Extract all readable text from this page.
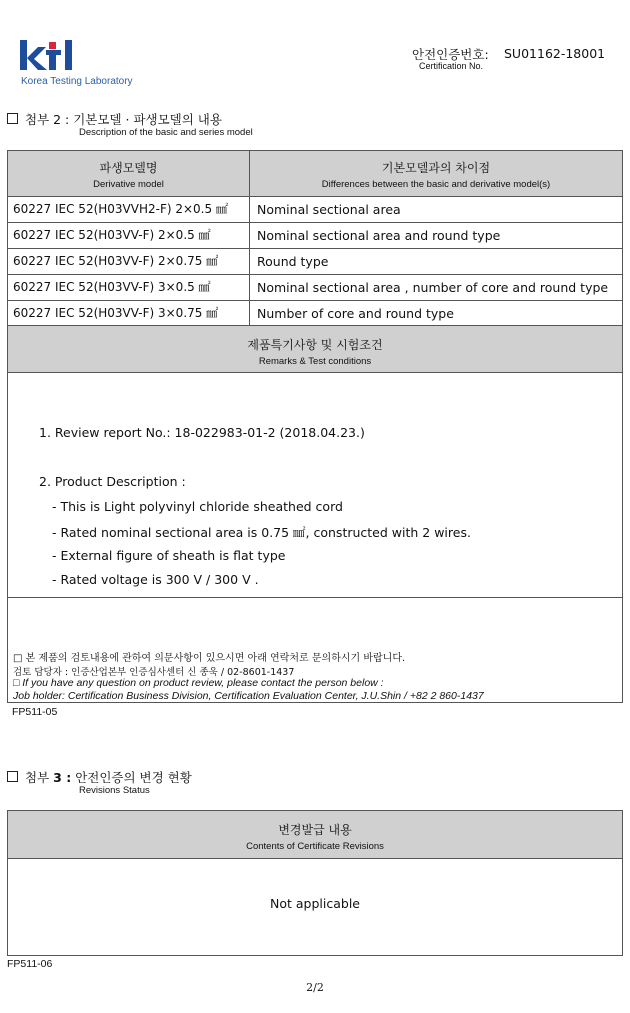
Korea Testing Laboratory
안전인증번호: SU01162-18001
Certification No.
첨부 2 : 기본모델 · 파생모델의 내용
Description of the basic and series model
파생모델명
Derivative model
기본모델과의 차이점
Differences between the basic and derivative model(s)
60227 IEC 52(H03VVH2-F) 2×0.5 ㎟	Nominal sectional area
60227 IEC 52(H03VV-F) 2×0.5 ㎟	Nominal sectional area and round type
60227 IEC 52(H03VV-F) 2×0.75 ㎟	Round type
60227 IEC 52(H03VV-F) 3×0.5 ㎟	Nominal sectional area , number of core and round type
60227 IEC 52(H03VV-F) 3×0.75 ㎟	Number of core and round type
제품특기사항 및 시험조건
Remarks & Test conditions
1. Review report No.: 18-022983-01-2 (2018.04.23.)
2. Product Description :
- This is Light polyvinyl chloride sheathed cord
- Rated nominal sectional area is 0.75 ㎟, constructed with 2 wires.
- External figure of sheath is flat type
- Rated voltage is 300 V / 300 V .
□ 본 제품의 검토내용에 관하여 의문사항이 있으시면 아래 연락처로 문의하시기 바랍니다.
검토 담당자 : 인증산업본부 인증심사센터 신 종욱 / 02-8601-1437
□ If you have any question on product review, please contact the person below :
Job holder: Certification Business Division, Certification Evaluation Center, J.U.Shin / +82 2 860-1437
FP511-05
첨부 3 : 안전인증의 변경 현황
Revisions Status
변경발급 내용
Contents of Certificate Revisions
Not applicable
FP511-06
2/2
